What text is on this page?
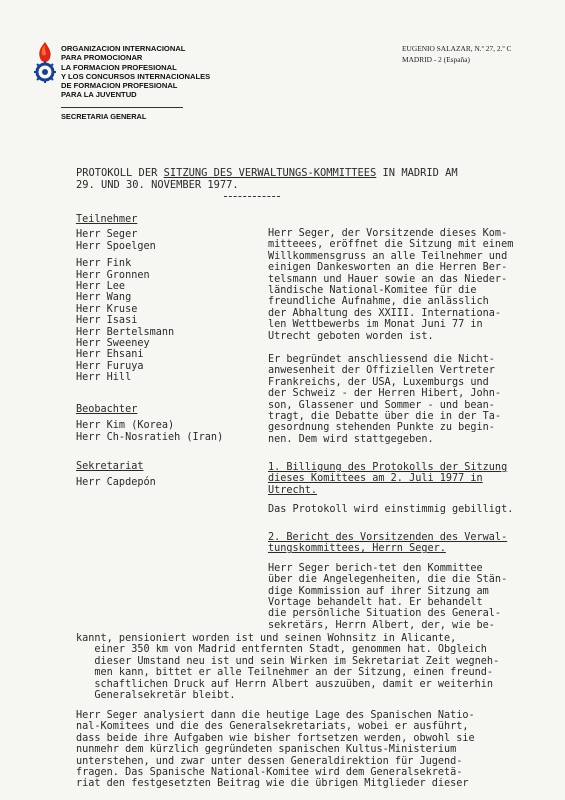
ORGANIZACION INTERNACIONAL
PARA PROMOCIONAR
LA FORMACION PROFESIONAL
Y LOS CONCURSOS INTERNACIONALES
DE FORMACION PROFESIONAL
PARA LA JUVENTUD
SECRETARIA GENERAL
EUGENIO SALAZAR, N.º 27, 2.º C
MADRID - 2 (España)
PROTOKOLL DER SITZUNG DES VERWALTUNGS-KOMMITTEES IN MADRID AM
29. UND 30. NOVEMBER 1977.
Teilnehmer
Herr Seger
Herr Spoelgen
Herr Fink
Herr Gronnen
Herr Lee
Herr Wang
Herr Kruse
Herr Isasi
Herr Bertelsmann
Herr Sweeney
Herr Ehsani
Herr Furuya
Herr Hill
Beobachter
Herr Kim (Korea)
Herr Ch-Nosratieh (Iran)
Sekretariat
Herr Capdepón
Herr Seger, der Vorsitzende dieses Kom-
mitteees, eröffnet die Sitzung mit einem
Willkommensgruss an alle Teilnehmer und
einigen Dankesworten an die Herren Ber-
telsmann und Hauer sowie an das Nieder-
ländische National-Komitee für die
freundliche Aufnahme, die anlässlich
der Abhaltung des XXIII. Internationa-
len Wettbewerbs im Monat Juni 77 in
Utrecht geboten worden ist.
Er begründet anschliessend die Nicht-
anwesenheit der Offiziellen Vertreter
Frankreichs, der USA, Luxemburgs und
der Schweiz - der Herren Hibert, John-
son, Glassener und Sommer - und bean-
tragt, die Debatte über die in der Ta-
gesordnung stehenden Punkte zu begin-
nen. Dem wird stattgegeben.
1. Billigung des Protokolls der Sitzung
dieses Komittees am 2. Juli 1977 in
Utrecht.
Das Protokoll wird einstimmig gebilligt.
2. Bericht des Vorsitzenden des Verwal-
tungskommittees, Herrn Seger.
Herr Seger berich-tet den Kommittee
über die Angelegenheiten, die die Stän-
dige Kommission auf ihrer Sitzung am
Vortage behandelt hat. Er behandelt
die persönliche Situation des General-
sekretärs, Herrn Albert, der, wie be-
kannt, pensioniert worden ist und seinen Wohnsitz in Alicante,
einer 350 km von Madrid entfernten Stadt, genommen hat. Obgleich
dieser Umstand neu ist und sein Wirken im Sekretariat Zeit wegneh-
men kann, bittet er alle Teilnehmer an der Sitzung, einen freund-
schaftlichen Druck auf Herrn Albert auszuüben, damit er weiterhin
Generalsekretär bleibt.
Herr Seger analysiert dann die heutige Lage des Spanischen Natio-
nal-Komitees und die des Generalsekretariats, wobei er ausführt,
dass beide ihre Aufgaben wie bisher fortsetzen werden, obwohl sie
nunmehr dem kürzlich gegründeten spanischen Kultus-Ministerium
unterstehen, und zwar unter dessen Generaldirektion für Jugend-
fragen. Das Spanische National-Komitee wird dem Generalsekretä-
riat den festgesetzten Beitrag wie die übrigen Mitglieder dieser
